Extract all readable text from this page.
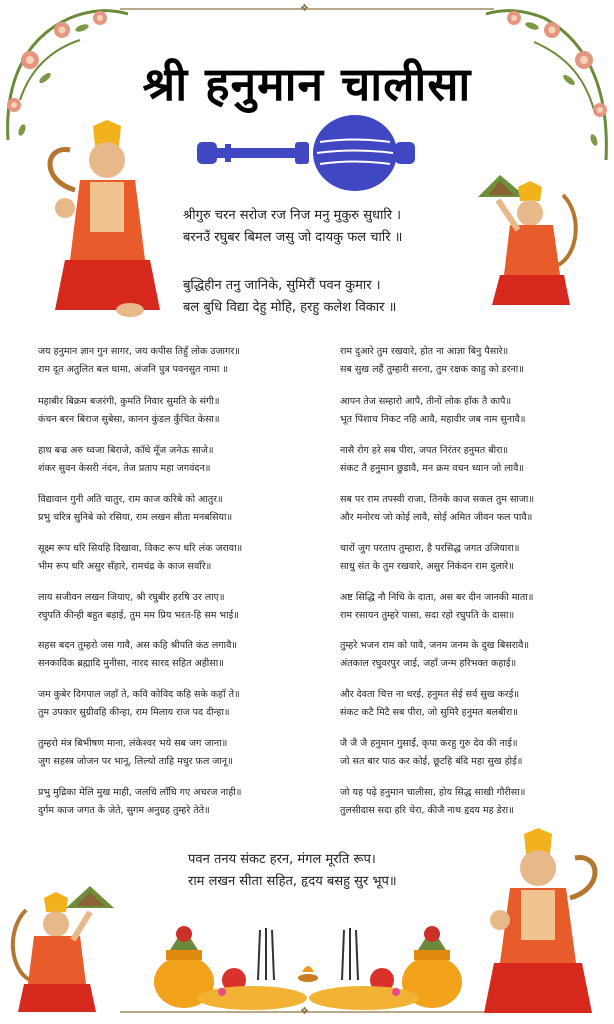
❖
❖
श्री हनुमान चालीसा
श्रीगुरु चरन सरोज रज निज मनु मुकुरु सुधारि ।
बरनउँ रघुबर बिमल जसु जो दायकु फल चारि ॥
बुद्धिहीन तनु जानिके, सुमिरौं पवन कुमार ।
बल बुधि विद्या देहु मोहि, हरहु कलेश विकार ॥
जय हनुमान ज्ञान गुन सागर, जय कपीस तिहुँ लोक उजागर॥
राम दूत अतुलित बल धामा, अंजनि पुत्र पवनसुत नामा ॥
महाबीर बिक्रम बजरंगी, कुमति निवार सुमति के संगी॥
कंचन बरन बिराज सुबेसा, कानन कुंडल कुँचित केसा॥
हाथ बज्र अरु ध्वजा बिराजे, काँधे मूँज जनेऊ साजे॥
शंकर सुवन केसरी नंदन, तेज प्रताप महा जगवंदन॥
विद्यावान गुनी अति चातुर, राम काज करिबे को आतुर॥
प्रभु चरित्र सुनिबे को रसिया, राम लखन सीता मनबसिया॥
सूक्ष्म रूप धरि सियहि दिखावा, विकट रूप धरि लंक जरावा॥
भीम रूप धरि असुर सँहारे, रामचंद्र के काज सवाँरे॥
लाय सजीवन लखन जियाए, श्री रघुबीर हरषि उर लाए॥
रघुपति कीन्ही बहुत बड़ाई, तुम मम प्रिय भरत-हि सम भाई॥
सहस बदन तुम्हरो जस गावै, अस कहि श्रीपति कंठ लगावै॥
सनकादिक ब्रह्मादि मुनीसा, नारद सारद सहित अहीसा॥
जम कुबेर दिगपाल जहाँ ते, कवि कोविद कहि सके कहाँ ते॥
तुम उपकार सुग्रीवहि कीन्हा, राम मिलाय राज पद दीन्हा॥
तुम्हरो मंत्र बिभीषण माना, लंकेश्वर भये सब जग जाना॥
जुग सहस्त्र जोजन पर भानू, लिल्यो ताहि मधुर फ़ल जानू॥
प्रभु मुद्रिका मेलि मुख माही, जलधि लाँघि गए अचरज नाही॥
दुर्गम काज जगत के जेते, सुगम अनुग्रह तुम्हरे तेते॥
राम दुआरे तुम रखवारे, होत ना आज्ञा बिनु पैसारे॥
सब सुख लहैं तुम्हारी सरना, तुम रक्षक काहु को डरना॥
आपन तेज सम्हारो आपै, तीनों लोक हाँक तै कापै॥
भूत पिशाच निकट नहि आवै, महावीर जब नाम सुनावै॥
नासै रोग हरे सब पीरा, जपत निरंतर हनुमत बीरा॥
संकट तै हनुमान छुडावै, मन क्रम वचन ध्यान जो लावै॥
सब पर राम तपस्वी राजा, तिनके काज सकल तुम साजा॥
और मनोरथ जो कोई लावै, सोई अमित जीवन फल पावै॥
चारों जुग परताप तुम्हारा, है परसिद्ध जगत उजियारा॥
साधु संत के तुम रखवारे, असुर निकंदन राम दुलारे॥
अष्ट सिद्धि नौ निधि के दाता, अस बर दीन जानकी माता॥
राम रसायन तुम्हरे पासा, सदा रहो रघुपति के दासा॥
तुम्हरे भजन राम को पावै, जनम जनम के दुख बिसरावै॥
अंतकाल रघुवरपुर जाई, जहाँ जन्म हरिभक्त कहाई॥
और देवता चित्त ना धरई, हनुमत सेई सर्व सुख करई॥
संकट कटै मिटै सब पीरा, जो सुमिरै हनुमत बलबीरा॥
जै जै जै हनुमान गुसाईं, कृपा करहु गुरु देव की नाई॥
जो सत बार पाठ कर कोई, छूटहि बंदि महा सुख होई॥
जो यह पढ़े हनुमान चालीसा, होय सिद्ध साखी गौरीसा॥
तुलसीदास सदा हरि चेरा, कीजै नाथ हृदय मह डेरा॥
पवन तनय संकट हरन, मंगल मूरति रूप।
राम लखन सीता सहित, हृदय बसहु सुर भूप॥
